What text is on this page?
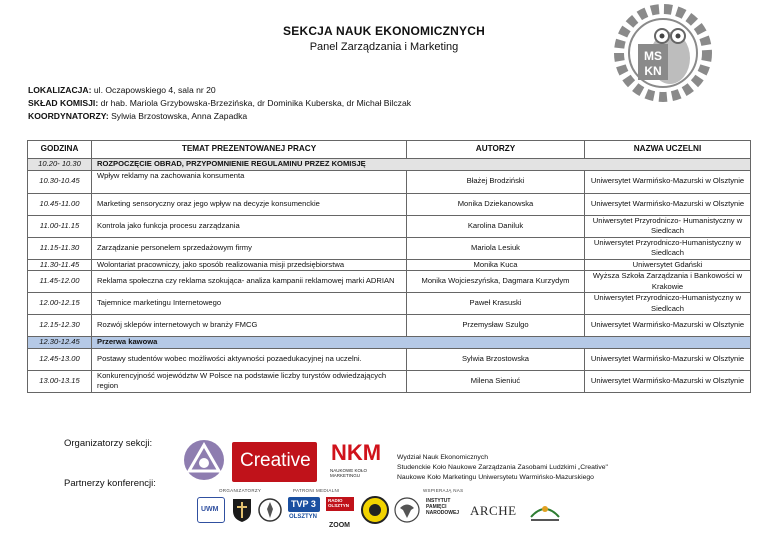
SEKCJA NAUK EKONOMICZNYCH
Panel Zarządzania i Marketing
MS
KN
LOKALIZACJA: ul. Oczapowskiego 4, sala nr 20
SKŁAD KOMISJI: dr hab. Mariola Grzybowska-Brzezińska, dr Dominika Kuberska, dr Michał Bilczak
KOORDYNATORZY: Sylwia Brzostowska, Anna Zapadka
GODZINA	TEMAT PREZENTOWANEJ PRACY	AUTORZY	NAZWA UCZELNI
10.20- 10.30	ROZPOCZĘCIE OBRAD, PRZYPOMNIENIE REGULAMINU PRZEZ KOMISJĘ		
10.30-10.45	Wpływ reklamy na zachowania konsumenta	Błażej Brodziński	Uniwersytet Warmińsko-Mazurski w Olsztynie
10.45-11.00	Marketing sensoryczny oraz jego wpływ na decyzje konsumenckie	Monika Dziekanowska	Uniwersytet Warmińsko-Mazurski w Olsztynie
11.00-11.15	Kontrola jako funkcja procesu zarządzania	Karolina Daniluk	Uniwersytet Przyrodniczo- Humanistyczny w Siedlcach
11.15-11.30	Zarządzanie personelem sprzedażowym firmy	Mariola Lesiuk	Uniwersytet Przyrodniczo-Humanistyczny w Siedlcach
11.30-11.45	Wolontariat pracowniczy, jako sposób realizowania misji przedsiębiorstwa	Monika Kuca	Uniwersytet Gdański
11.45-12.00	Reklama społeczna czy reklama szokująca- analiza kampanii reklamowej marki ADRIAN	Monika Wojcieszyńska, Dagmara Kurzydym	Wyższa Szkoła Zarządzania i Bankowości w Krakowie
12.00-12.15	Tajemnice marketingu Internetowego	Paweł Krasuski	Uniwersytet Przyrodniczo-Humanistyczny w Siedlcach
12.15-12.30	Rozwój sklepów internetowych w branży FMCG	Przemysław Szulgo	Uniwersytet Warmińsko-Mazurski w Olsztynie
12.30-12.45	Przerwa kawowa		
12.45-13.00	Postawy studentów wobec możliwości aktywności pozaedukacyjnej na uczelni.	Sylwia Brzostowska	Uniwersytet Warmińsko-Mazurski w Olsztynie
13.00-13.15	Konkurencyjność województw W Polsce na podstawie liczby turystów odwiedzających region	Milena Sieniuć	Uniwersytet Warmińsko-Mazurski w Olsztynie
Organizatorzy sekcji:
Partnerzy konferencji:
Creative NKM
NAUKOWE KOŁO MARKETINGU
Wydział Nauk Ekonomicznych
Studenckie Koło Naukowe Zarządzania Zasobami Ludzkimi „Creative"
Naukowe Koło Marketingu Uniwersytetu Warmińsko-Mazurskiego
ORGANIZATORZY	PATRONI MEDIALNI	WSPIERAJĄ NAS
UWM
TVP 3
OLSZTYN
RADIO OLSZTYN
ZOOM
INSTYTUT PAMIĘCI NARODOWEJ ARCHE
